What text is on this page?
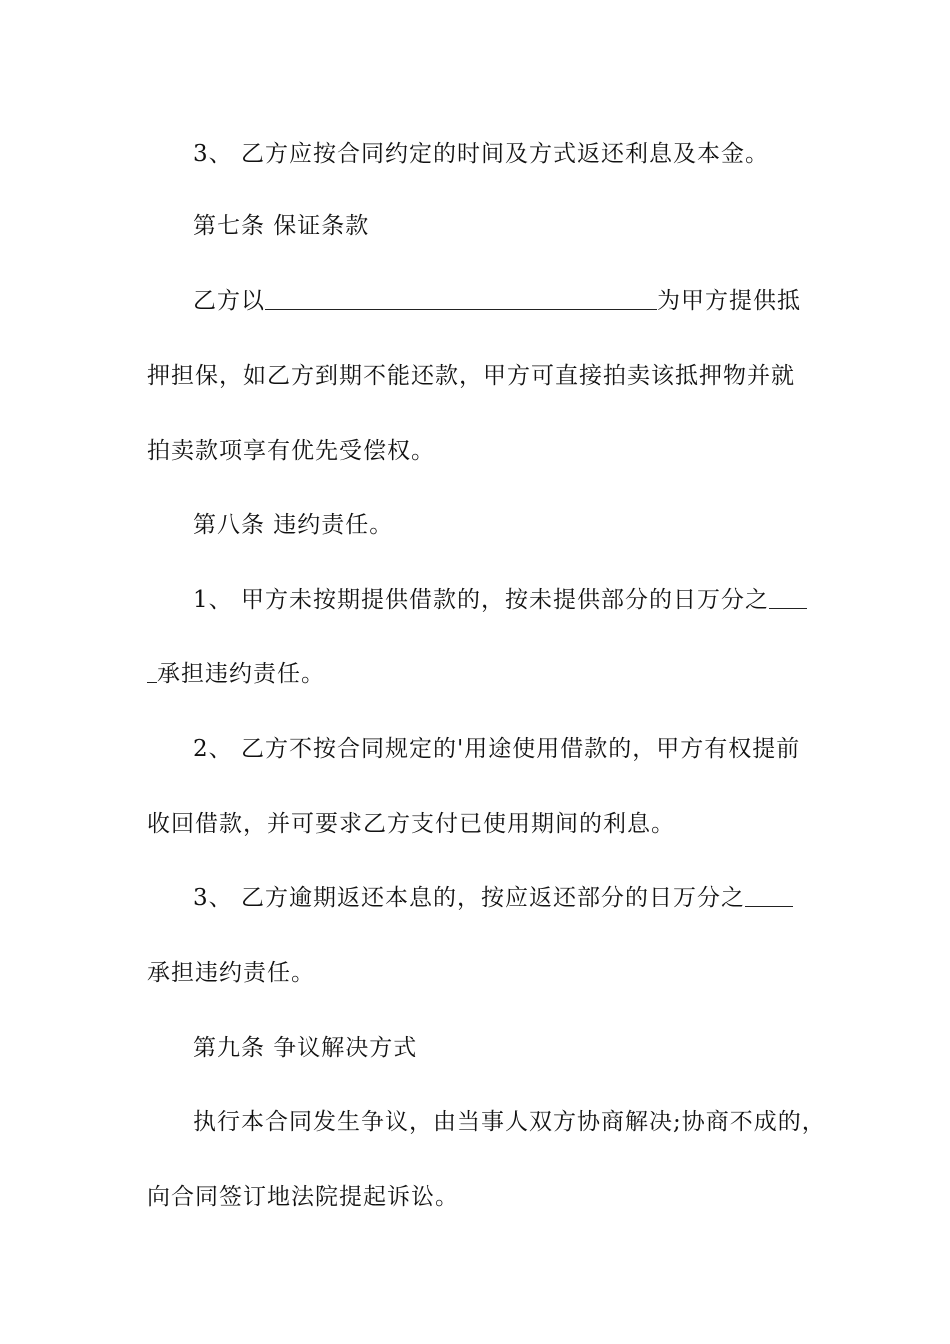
3、 乙方应按合同约定的时间及方式返还利息及本金。
第七条 保证条款
乙方以	为甲方提供抵
押担保，如乙方到期不能还款，甲方可直接拍卖该抵押物并就
拍卖款项享有优先受偿权。
第八条 违约责任。
1、 甲方未按期提供借款的，按未提供部分的日万分之
承担违约责任。
2、 乙方不按合同规定的'用途使用借款的，甲方有权提前
收回借款，并可要求乙方支付已使用期间的利息。
3、 乙方逾期返还本息的，按应返还部分的日万分之
承担违约责任。
第九条 争议解决方式
执行本合同发生争议，由当事人双方协商解决;协商不成的，
向合同签订地法院提起诉讼。
